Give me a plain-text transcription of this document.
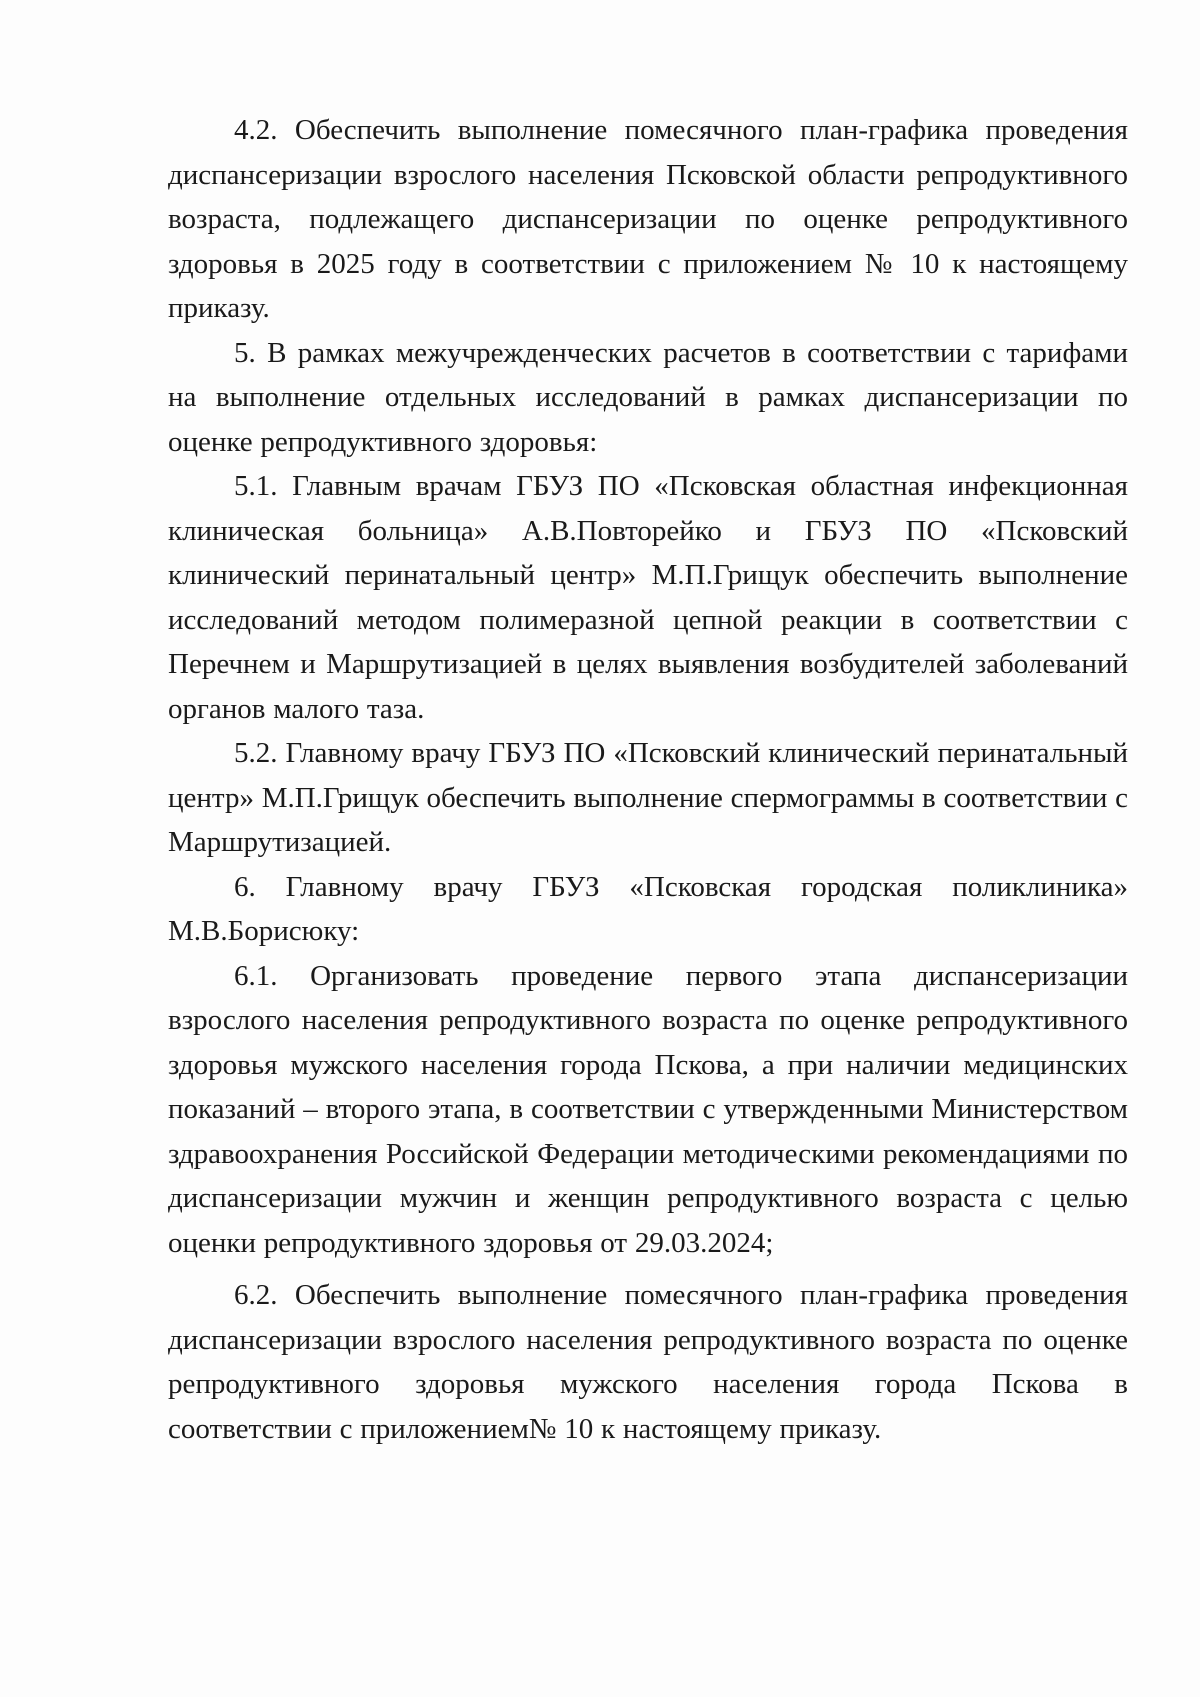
4.2. Обеспечить выполнение помесячного план-графика проведения диспансеризации взрослого населения Псковской области репродуктивного возраста, подлежащего диспансеризации по оценке репродуктивного здоровья в 2025 году в соответствии с приложением № 10 к настоящему приказу.

5. В рамках межучрежденческих расчетов в соответствии с тарифами на выполнение отдельных исследований в рамках диспансеризации по оценке репродуктивного здоровья:

5.1. Главным врачам ГБУЗ ПО «Псковская областная инфекционная клиническая больница» А.В.Повторейко и ГБУЗ ПО «Псковский клинический перинатальный центр» М.П.Грищук обеспечить выполнение исследований методом полимеразной цепной реакции в соответствии с Перечнем и Маршрутизацией в целях выявления возбудителей заболеваний органов малого таза.

5.2. Главному врачу ГБУЗ ПО «Псковский клинический перинатальный центр» М.П.Грищук обеспечить выполнение спермограммы в соответствии с Маршрутизацией.

6. Главному врачу ГБУЗ «Псковская городская поликлиника» М.В.Борисюку:

6.1. Организовать проведение первого этапа диспансеризации взрослого населения репродуктивного возраста по оценке репродуктивного здоровья мужского населения города Пскова, а при наличии медицинских показаний – второго этапа, в соответствии с утвержденными Министерством здравоохранения Российской Федерации методическими рекомендациями по диспансеризации мужчин и женщин репродуктивного возраста с целью оценки репродуктивного здоровья от 29.03.2024;

6.2. Обеспечить выполнение помесячного план-графика проведения диспансеризации взрослого населения репродуктивного возраста по оценке репродуктивного здоровья мужского населения города Пскова в соответствии с приложением№ 10 к настоящему приказу.
